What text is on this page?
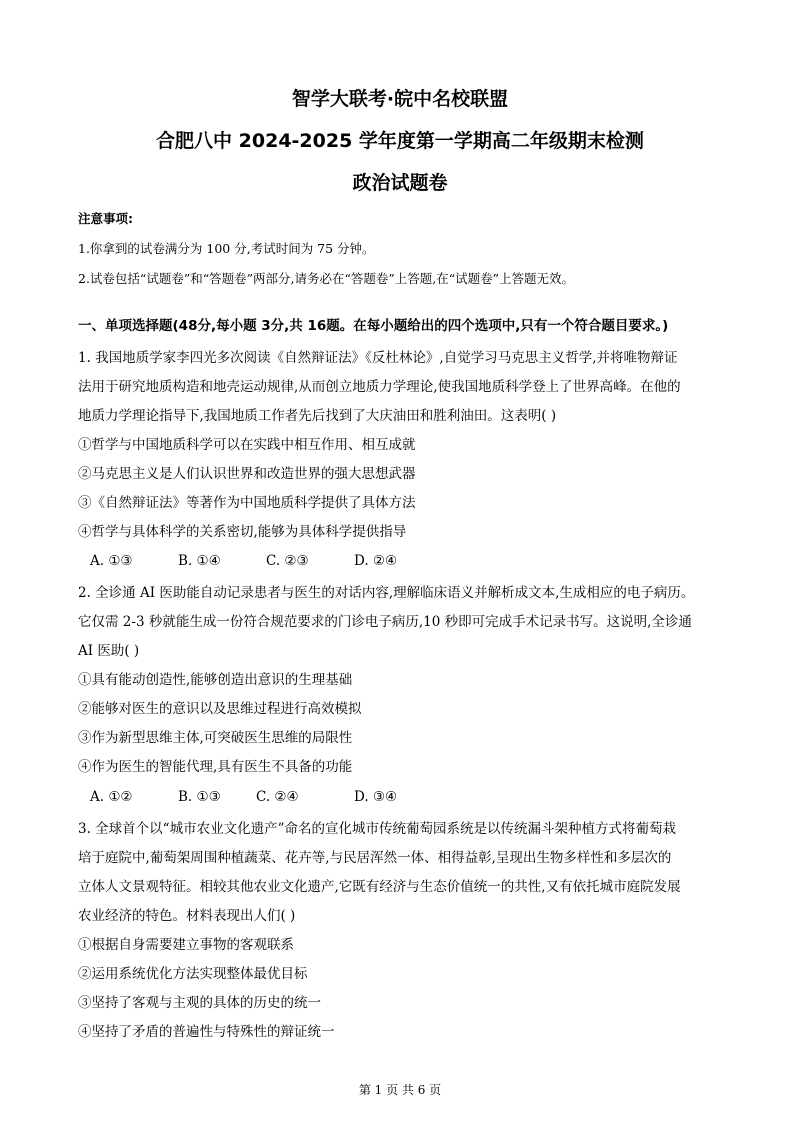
智学大联考·皖中名校联盟
合肥八中 2024-2025 学年度第一学期高二年级期末检测
政治试题卷
注意事项:
1.你拿到的试卷满分为 100 分,考试时间为 75 分钟。
2.试卷包括“试题卷”和“答题卷”两部分,请务必在“答题卷”上答题,在“试题卷”上答题无效。
一、单项选择题(48分,每小题 3分,共 16题。在每小题给出的四个选项中,只有一个符合题目要求。)
1. 我国地质学家李四光多次阅读《自然辩证法》《反杜林论》,自觉学习马克思主义哲学,并将唯物辩证
法用于研究地质构造和地壳运动规律,从而创立地质力学理论,使我国地质科学登上了世界高峰。在他的
地质力学理论指导下,我国地质工作者先后找到了大庆油田和胜利油田。这表明( )
①哲学与中国地质科学可以在实践中相互作用、相互成就
②马克思主义是人们认识世界和改造世界的强大思想武器
③《自然辩证法》等著作为中国地质科学提供了具体方法
④哲学与具体科学的关系密切,能够为具体科学提供指导
A. ①③	B. ①④	C. ②③	D. ②④
2. 全诊通 AI 医助能自动记录患者与医生的对话内容,理解临床语义并解析成文本,生成相应的电子病历。
它仅需 2-3 秒就能生成一份符合规范要求的门诊电子病历,10 秒即可完成手术记录书写。这说明,全诊通
AI 医助( )
①具有能动创造性,能够创造出意识的生理基础
②能够对医生的意识以及思维过程进行高效模拟
③作为新型思维主体,可突破医生思维的局限性
④作为医生的智能代理,具有医生不具备的功能
A. ①②	B. ①③	C. ②④	D. ③④
3. 全球首个以“城市农业文化遗产”命名的宣化城市传统葡萄园系统是以传统漏斗架种植方式将葡萄栽
培于庭院中,葡萄架周围种植蔬菜、花卉等,与民居浑然一体、相得益彰,呈现出生物多样性和多层次的
立体人文景观特征。相较其他农业文化遗产,它既有经济与生态价值统一的共性,又有依托城市庭院发展
农业经济的特色。材料表现出人们( )
①根据自身需要建立事物的客观联系
②运用系统优化方法实现整体最优目标
③坚持了客观与主观的具体的历史的统一
④坚持了矛盾的普遍性与特殊性的辩证统一
第 1 页 共 6 页
